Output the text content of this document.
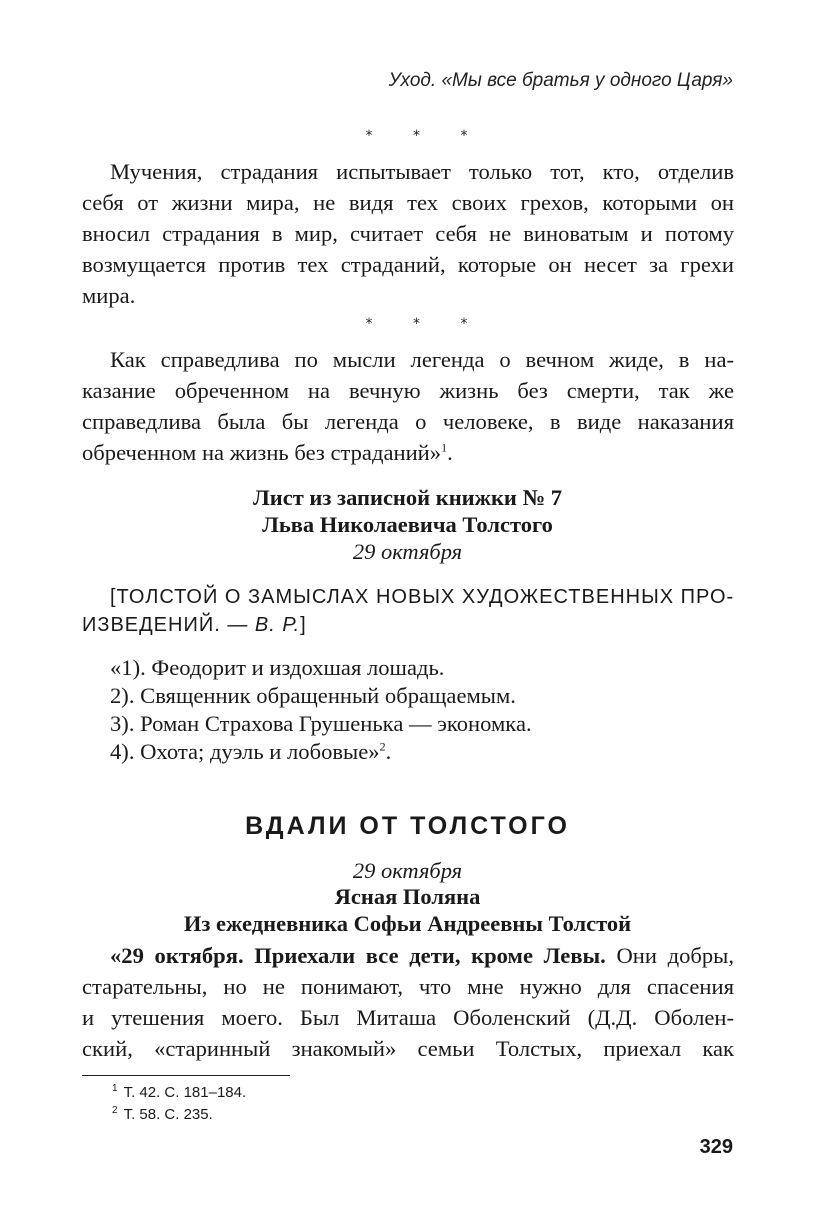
Уход. «Мы все братья у одного Царя»
* * *
Мучения, страдания испытывает только тот, кто, отделив
себя от жизни мира, не видя тех своих грехов, которыми он
вносил страдания в мир, считает себя не виноватым и потому
возмущается против тех страданий, которые он несет за грехи
мира.
* * *
Как справедлива по мысли легенда о вечном жиде, в на-
казание обреченном на вечную жизнь без смерти, так же
справедлива была бы легенда о человеке, в виде наказания
обреченном на жизнь без страданий»$^1$.

Лист из записной книжки № 7

Льва Николаевича Толстого

29 октября

[ТОЛСТОЙ О ЗАМЫСЛАХ НОВЫХ ХУДОЖЕСТВЕННЫХ ПРО-
ИЗВЕДЕНИЙ. — В. Р.]
«1). Феодорит и издохшая лошадь.
2). Священник обращенный обращаемым.
3). Роман Страхова Грушенька — экономка.
4). Охота; дуэль и лобовые»$^2$.
ВДАЛИ ОТ ТОЛСТОГО

29 октября

Ясная Поляна

Из ежедневника Софьи Андреевны Толстой

«29 октября. Приехали все дети, кроме Левы. Они добры,
старательны, но не понимают, что мне нужно для спасения
и утешения моего. Был Миташа Оболенский (Д.Д. Оболен-
ский, «старинный знакомый» семьи Толстых, приехал как
$^1$ Т. 42. С. 181–184.
$^2$ Т. 58. С. 235.
329
